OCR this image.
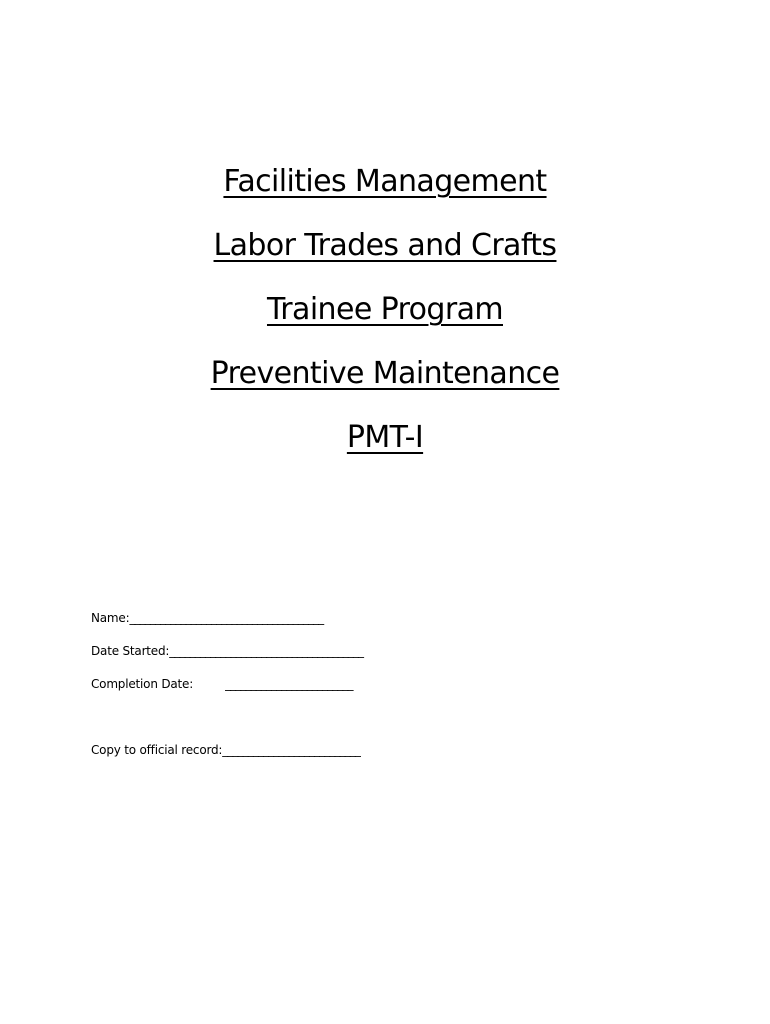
Facilities Management
Labor Trades and Crafts
Trainee Program
Preventive Maintenance
PMT-I
Name:______________________________________
Date Started:______________________________________
Completion Date:	_________________________
Copy to official record:___________________________
